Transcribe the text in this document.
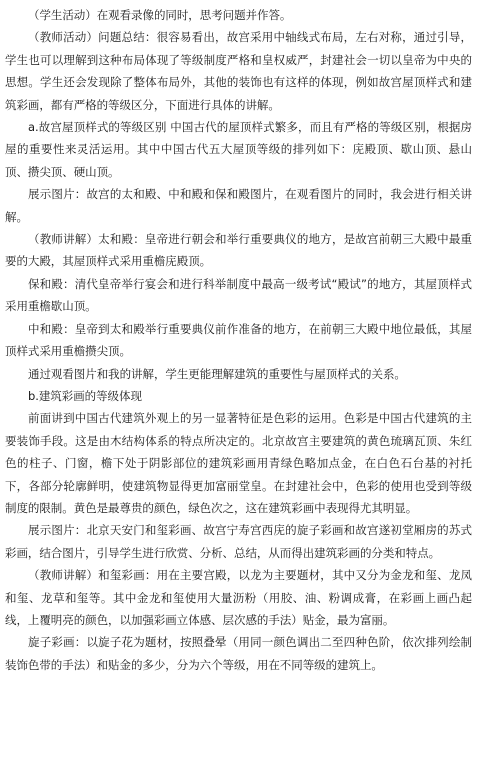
（学生活动）在观看录像的同时，思考问题并作答。

（教师活动）问题总结：很容易看出，故宫采用中轴线式布局，左右对称，通过引导，学生也可以理解到这种布局体现了等级制度严格和皇权威严，封建社会一切以皇帝为中央的思想。学生还会发现除了整体布局外，其他的装饰也有这样的体现，例如故宫屋顶样式和建筑彩画，都有严格的等级区分，下面进行具体的讲解。

a.故宫屋顶样式的等级区别 中国古代的屋顶样式繁多，而且有严格的等级区别，根据房屋的重要性来灵活运用。其中中国古代五大屋顶等级的排列如下：庑殿顶、歇山顶、悬山顶、攒尖顶、硬山顶。

展示图片：故宫的太和殿、中和殿和保和殿图片，在观看图片的同时，我会进行相关讲解。

（教师讲解）太和殿：皇帝进行朝会和举行重要典仪的地方，是故宫前朝三大殿中最重要的大殿，其屋顶样式采用重檐庑殿顶。

保和殿：清代皇帝举行宴会和进行科举制度中最高一级考试“殿试”的地方，其屋顶样式采用重檐歇山顶。

中和殿：皇帝到太和殿举行重要典仪前作准备的地方，在前朝三大殿中地位最低，其屋顶样式采用重檐攒尖顶。

通过观看图片和我的讲解，学生更能理解建筑的重要性与屋顶样式的关系。

b.建筑彩画的等级体现

前面讲到中国古代建筑外观上的另一显著特征是色彩的运用。色彩是中国古代建筑的主要装饰手段。这是由木结构体系的特点所决定的。北京故宫主要建筑的黄色琉璃瓦顶、朱红色的柱子、门窗，檐下处于阴影部位的建筑彩画用青绿色略加点金，在白色石台基的衬托下，各部分轮廓鲜明，使建筑物显得更加富丽堂皇。在封建社会中，色彩的使用也受到等级制度的限制。黄色是最尊贵的颜色，绿色次之，这在建筑彩画中表现得尤其明显。

展示图片：北京天安门和玺彩画、故宫宁寿宫西庑的旋子彩画和故宫遂初堂厢房的苏式彩画，结合图片，引导学生进行欣赏、分析、总结，从而得出建筑彩画的分类和特点。

（教师讲解）和玺彩画：用在主要宫殿，以龙为主要题材，其中又分为金龙和玺、龙凤和玺、龙草和玺等。其中金龙和玺使用大量沥粉（用胶、油、粉调成膏，在彩画上画凸起线，上覆明亮的颜色，以加强彩画立体感、层次感的手法）贴金，最为富丽。

旋子彩画：以旋子花为题材，按照叠晕（用同一颜色调出二至四种色阶，依次排列绘制装饰色带的手法）和贴金的多少，分为六个等级，用在不同等级的建筑上。
